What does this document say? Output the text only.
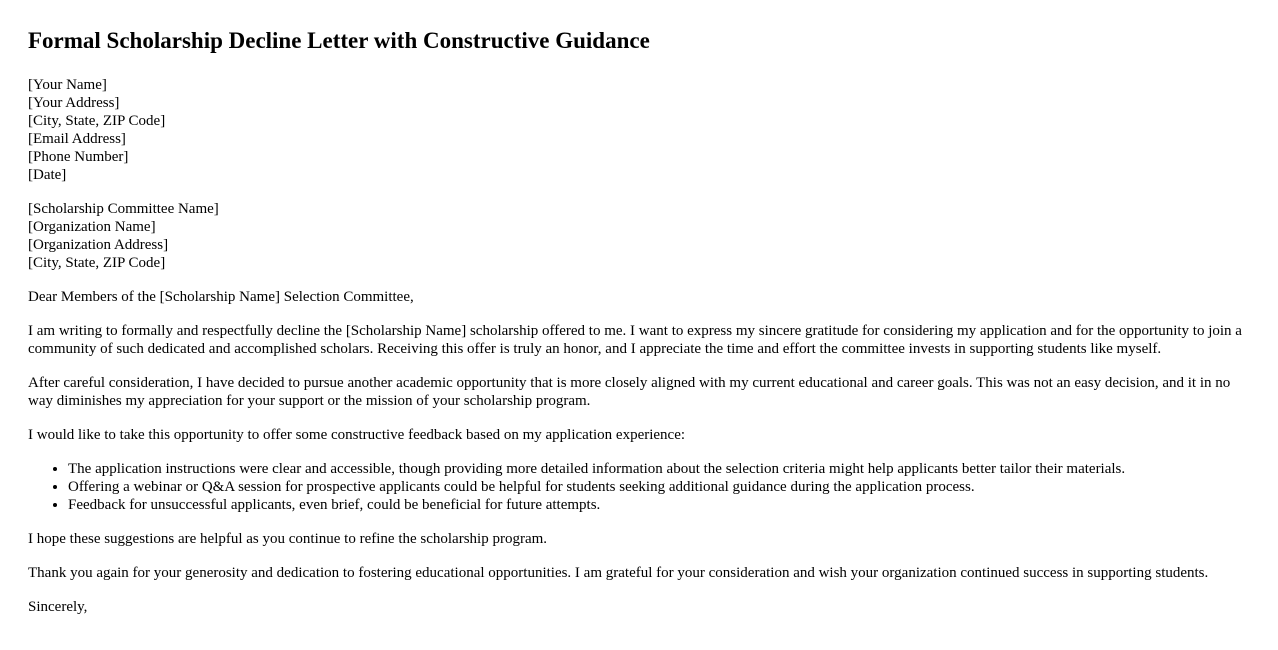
Formal Scholarship Decline Letter with Constructive Guidance
[Your Name]
[Your Address]
[City, State, ZIP Code]
[Email Address]
[Phone Number]
[Date]
[Scholarship Committee Name]
[Organization Name]
[Organization Address]
[City, State, ZIP Code]

Dear Members of the [Scholarship Name] Selection Committee,

I am writing to formally and respectfully decline the [Scholarship Name] scholarship offered to me. I want to express my sincere gratitude for considering my application and for the opportunity to join a community of such dedicated and accomplished scholars. Receiving this offer is truly an honor, and I appreciate the time and effort the committee invests in supporting students like myself.

After careful consideration, I have decided to pursue another academic opportunity that is more closely aligned with my current educational and career goals. This was not an easy decision, and it in no way diminishes my appreciation for your support or the mission of your scholarship program.

I would like to take this opportunity to offer some constructive feedback based on my application experience:

• The application instructions were clear and accessible, though providing more detailed information about the selection criteria might help applicants better tailor their materials.
• Offering a webinar or Q&A session for prospective applicants could be helpful for students seeking additional guidance during the application process.
• Feedback for unsuccessful applicants, even brief, could be beneficial for future attempts.

I hope these suggestions are helpful as you continue to refine the scholarship program.

Thank you again for your generosity and dedication to fostering educational opportunities. I am grateful for your consideration and wish your organization continued success in supporting students.

Sincerely,
